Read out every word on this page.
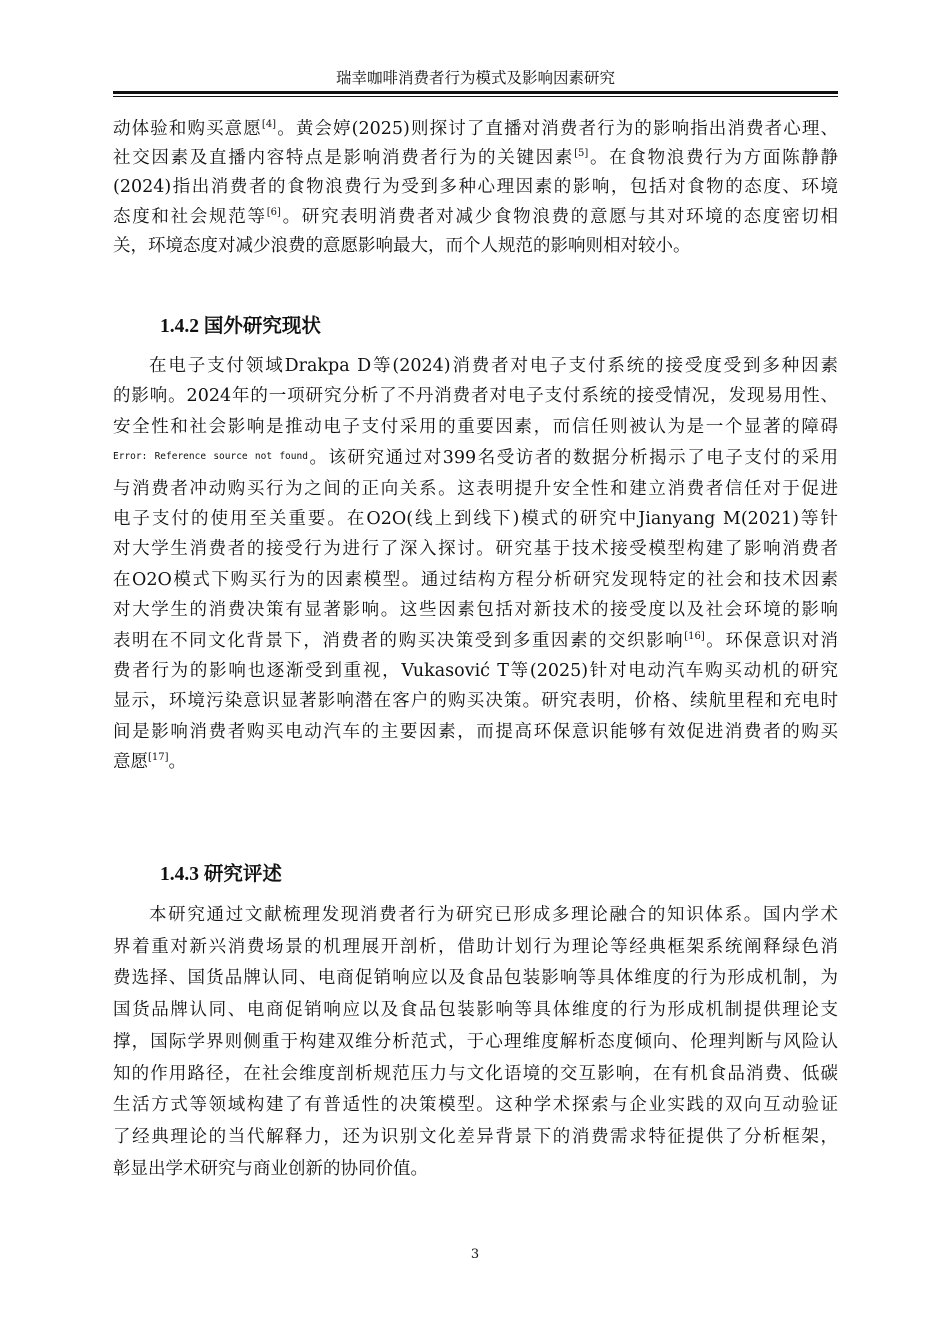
瑞幸咖啡消费者行为模式及影响因素研究
动体验和购买意愿[4]。黄会婷(2025)则探讨了直播对消费者行为的影响指出消费者心理、
社交因素及直播内容特点是影响消费者行为的关键因素[5]。在食物浪费行为方面陈静静
(2024)指出消费者的食物浪费行为受到多种心理因素的影响，包括对食物的态度、环境
态度和社会规范等[6]。研究表明消费者对减少食物浪费的意愿与其对环境的态度密切相
关，环境态度对减少浪费的意愿影响最大，而个人规范的影响则相对较小。
1.4.2 国外研究现状
在电子支付领域Drakpa D等(2024)消费者对电子支付系统的接受度受到多种因素
的影响。2024年的一项研究分析了不丹消费者对电子支付系统的接受情况，发现易用性、
安全性和社会影响是推动电子支付采用的重要因素，而信任则被认为是一个显著的障碍
$^{Error: Reference source not found}$。该研究通过对399名受访者的数据分析揭示了电子支付的采用
与消费者冲动购买行为之间的正向关系。这表明提升安全性和建立消费者信任对于促进
电子支付的使用至关重要。在O2O(线上到线下)模式的研究中Jianyang M(2021)等针
对大学生消费者的接受行为进行了深入探讨。研究基于技术接受模型构建了影响消费者
在O2O模式下购买行为的因素模型。通过结构方程分析研究发现特定的社会和技术因素
对大学生的消费决策有显著影响。这些因素包括对新技术的接受度以及社会环境的影响
表明在不同文化背景下，消费者的购买决策受到多重因素的交织影响[16]。环保意识对消
费者行为的影响也逐渐受到重视，Vukasović T等(2025)针对电动汽车购买动机的研究
显示，环境污染意识显著影响潜在客户的购买决策。研究表明，价格、续航里程和充电时
间是影响消费者购买电动汽车的主要因素，而提高环保意识能够有效促进消费者的购买
意愿[17]。
1.4.3 研究评述
本研究通过文献梳理发现消费者行为研究已形成多理论融合的知识体系。国内学术
界着重对新兴消费场景的机理展开剖析，借助计划行为理论等经典框架系统阐释绿色消
费选择、国货品牌认同、电商促销响应以及食品包装影响等具体维度的行为形成机制，为
国货品牌认同、电商促销响应以及食品包装影响等具体维度的行为形成机制提供理论支
撑，国际学界则侧重于构建双维分析范式，于心理维度解析态度倾向、伦理判断与风险认
知的作用路径，在社会维度剖析规范压力与文化语境的交互影响，在有机食品消费、低碳
生活方式等领域构建了有普适性的决策模型。这种学术探索与企业实践的双向互动验证
了经典理论的当代解释力，还为识别文化差异背景下的消费需求特征提供了分析框架，
彰显出学术研究与商业创新的协同价值。
3
